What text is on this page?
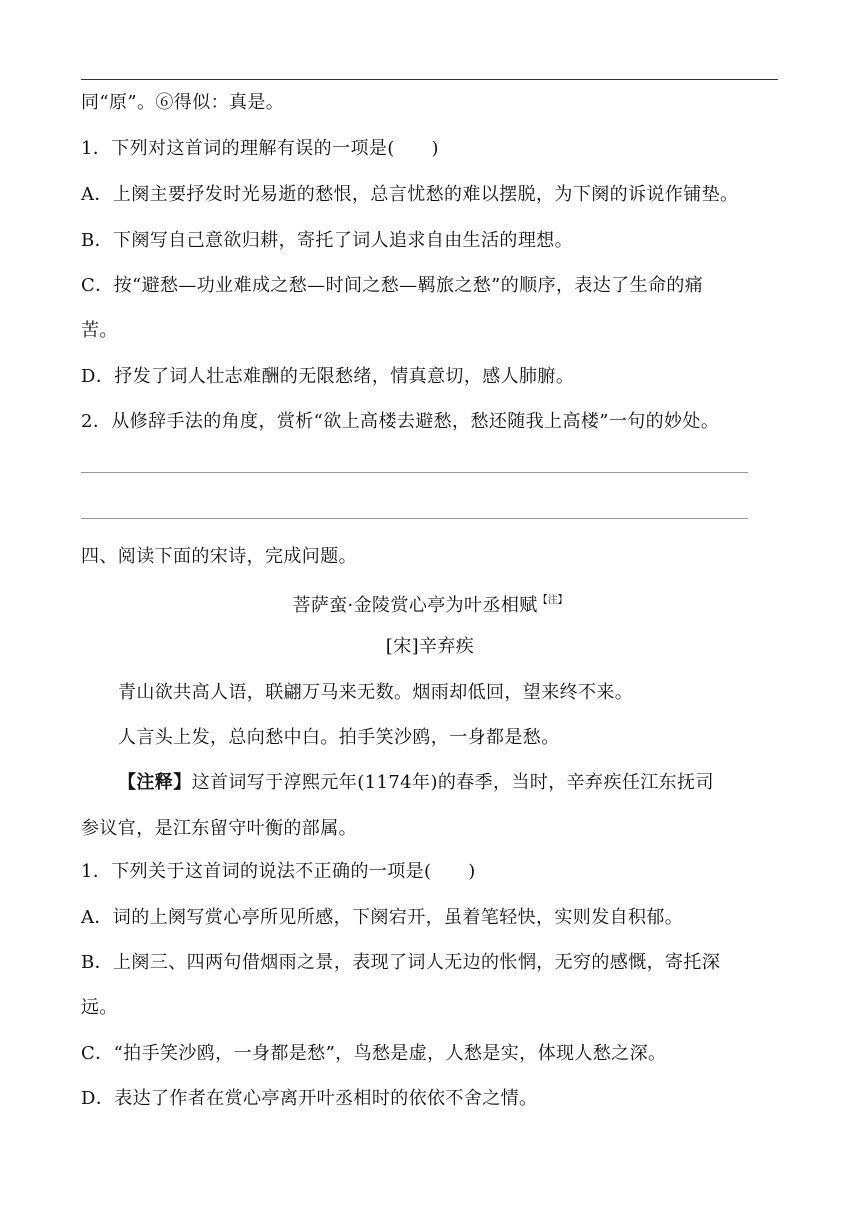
同“原”。⑥得似：真是。
1．下列对这首词的理解有误的一项是(　　)
A．上阕主要抒发时光易逝的愁恨，总言忧愁的难以摆脱，为下阕的诉说作铺垫。
B．下阕写自己意欲归耕，寄托了词人追求自由生活的理想。
C．按“避愁—功业难成之愁—时间之愁—羁旅之愁”的顺序，表达了生命的痛
苦。
D．抒发了词人壮志难酬的无限愁绪，情真意切，感人肺腑。
2．从修辞手法的角度，赏析“欲上高楼去避愁，愁还随我上高楼”一句的妙处。
四、阅读下面的宋诗，完成问题。
菩萨蛮·金陵赏心亭为叶丞相赋$^{【注】}$
[宋]辛弃疾
青山欲共高人语，联翩万马来无数。烟雨却低回，望来终不来。
人言头上发，总向愁中白。拍手笑沙鸥，一身都是愁。
【注释】这首词写于淳熙元年(1174年)的春季，当时，辛弃疾任江东抚司
参议官，是江东留守叶衡的部属。
1．下列关于这首词的说法不正确的一项是(　　)
A．词的上阕写赏心亭所见所感，下阕宕开，虽着笔轻快，实则发自积郁。
B．上阕三、四两句借烟雨之景，表现了词人无边的怅惘，无穷的感慨，寄托深
远。
C．“拍手笑沙鸥，一身都是愁”，鸟愁是虚，人愁是实，体现人愁之深。
D．表达了作者在赏心亭离开叶丞相时的依依不舍之情。
